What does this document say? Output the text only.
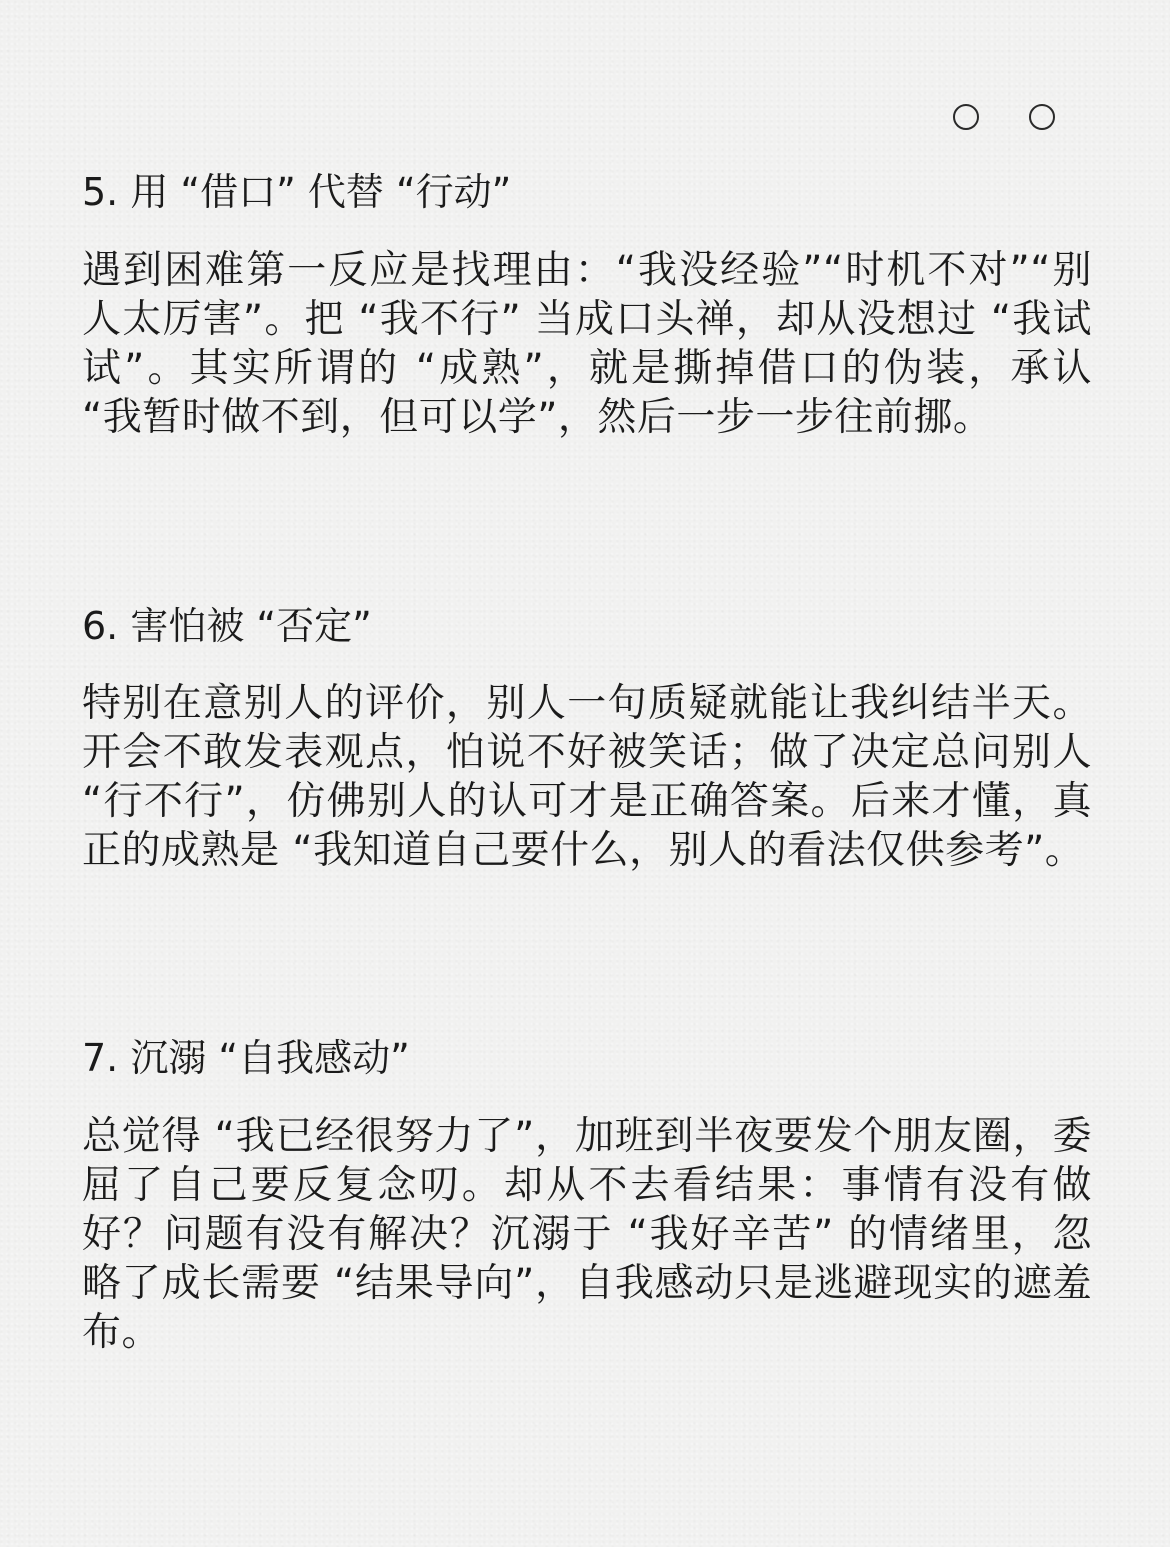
5. 用 “借口” 代替 “行动”

遇到困难第一反应是找理由：“我没经验”“时机不对”“别人太厉害”。把 “我不行” 当成口头禅，却从没想过 “我试试”。其实所谓的 “成熟”，就是撕掉借口的伪装，承认 “我暂时做不到，但可以学”，然后一步一步往前挪。

6. 害怕被 “否定”

特别在意别人的评价，别人一句质疑就能让我纠结半天。开会不敢发表观点，怕说不好被笑话；做了决定总问别人 “行不行”，仿佛别人的认可才是正确答案。后来才懂，真正的成熟是 “我知道自己要什么，别人的看法仅供参考”。

7. 沉溺 “自我感动”

总觉得 “我已经很努力了”，加班到半夜要发个朋友圈，委屈了自己要反复念叨。却从不去看结果：事情有没有做好？问题有没有解决？沉溺于 “我好辛苦” 的情绪里，忽略了成长需要 “结果导向”，自我感动只是逃避现实的遮羞布。
